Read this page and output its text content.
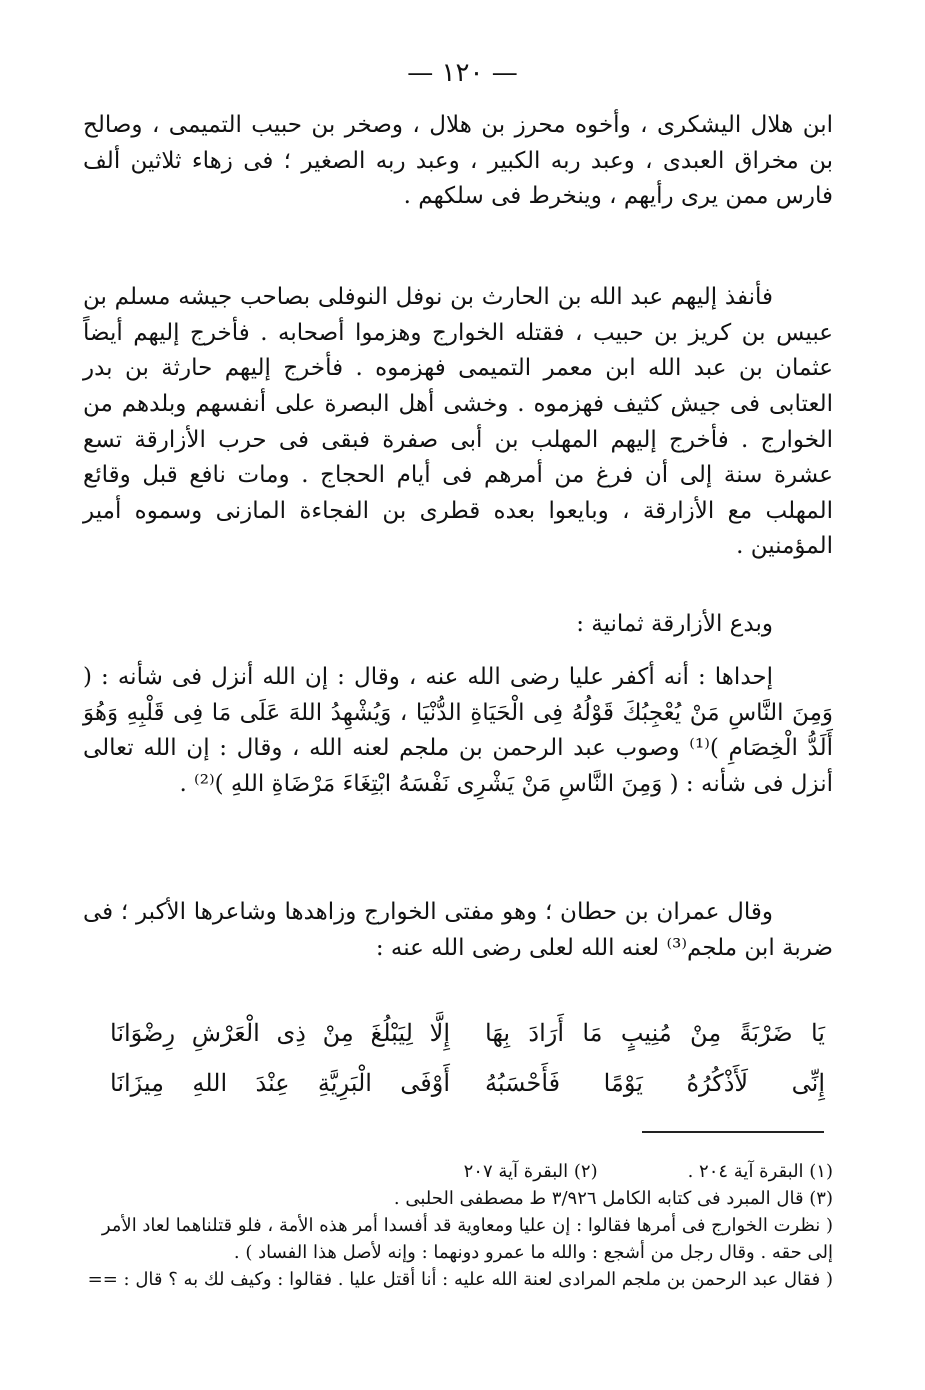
— ١٢٠ —

ابن هلال اليشكرى ، وأخوه محرز بن هلال ، وصخر بن حبيب التميمى ، وصالح بن مخراق العبدى ، وعبد ربه الكبير ، وعبد ربه الصغير ؛ فى زهاء ثلاثين ألف فارس ممن يرى رأيهم ، وينخرط فى سلكهم .

فأنفذ إليهم عبد الله بن الحارث بن نوفل النوفلى بصاحب جيشه مسلم بن عبيس بن كريز بن حبيب ، فقتله الخوارج وهزموا أصحابه . فأخرج إليهم أيضاً عثمان بن عبد الله ابن معمر التميمى فهزموه . فأخرج إليهم حارثة بن بدر العتابى فى جيش كثيف فهزموه . وخشى أهل البصرة على أنفسهم وبلدهم من الخوارج . فأخرج إليهم المهلب بن أبى صفرة فبقى فى حرب الأزارقة تسع عشرة سنة إلى أن فرغ من أمرهم فى أيام الحجاج . ومات نافع قبل وقائع المهلب مع الأزارقة ، وبايعوا بعده قطرى بن الفجاءة المازنى وسموه أمير المؤمنين .

وبدع الأزارقة ثمانية :

إحداها : أنه أكفر عليا رضى الله عنه ، وقال : إن الله أنزل فى شأنه : ( وَمِنَ النَّاسِ مَنْ يُعْجِبُكَ قَوْلُهُ فِى الْحَيَاةِ الدُّنْيَا ، وَيُشْهِدُ اللهَ عَلَى مَا فِى قَلْبِهِ وَهُوَ أَلَدُّ الْخِصَامِ )⁽¹⁾ وصوب عبد الرحمن بن ملجم لعنه الله ، وقال : إن الله تعالى أنزل فى شأنه : ( وَمِنَ النَّاسِ مَنْ يَشْرِى نَفْسَهُ ابْتِغَاءَ مَرْضَاةِ اللهِ )⁽²⁾ .

وقال عمران بن حطان ؛ وهو مفتى الخوارج وزاهدها وشاعرها الأكبر ؛ فى ضربة ابن ملجم⁽³⁾ لعنه الله لعلى رضى الله عنه :

يَا ضَرْبَةً مِنْ مُنِيبٍ مَا أَرَادَ بِهَا
إِلَّا لِيَبْلُغَ مِنْ ذِى الْعَرْشِ رِضْوَانَا
إِنِّى لَأَذْكُرُهُ يَوْمًا فَأَحْسَبُهُ
أَوْفَى الْبَرِيَّةِ عِنْدَ اللهِ مِيزَانَا
(١) البقرة آية ٢٠٤ .
(٢) البقرة آية ٢٠٧

(٣) قال المبرد فى كتابه الكامل ٣/٩٢٦ ط مصطفى الحلبى .

( نظرت الخوارج فى أمرها فقالوا : إن عليا ومعاوية قد أفسدا أمر هذه الأمة ، فلو قتلناهما لعاد الأمر إلى حقه . وقال رجل من أشجع : والله ما عمرو دونهما : وإنه لأصل هذا الفساد ) .

( فقال عبد الرحمن بن ملجم المرادى لعنة الله عليه : أنا أقتل عليا . فقالوا : وكيف لك به ؟ قال : ==
